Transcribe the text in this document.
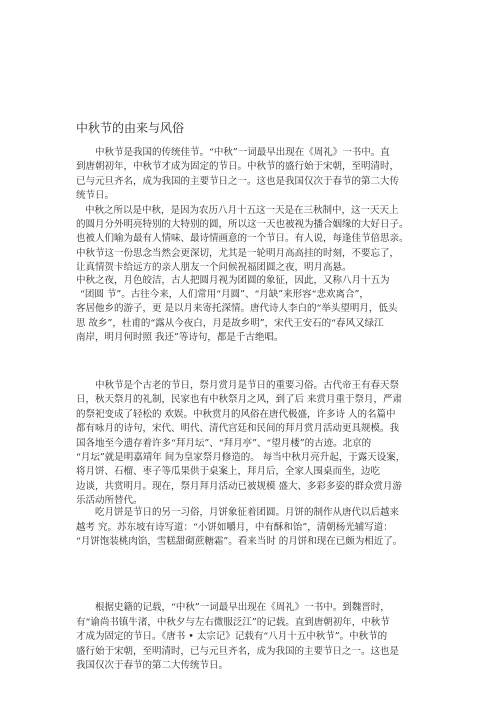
中秋节的由来与风俗
中秋节是我国的传统佳节。“中秋”一词最早出现在《周礼》一书中。直
到唐朝初年，中秋节才成为固定的节日。中秋节的盛行始于宋朝，至明清时，
已与元旦齐名，成为我国的主要节日之一。这也是我国仅次于春节的第二大传
统节日。
中秋之所以是中秋，是因为农历八月十五这一天是在三秋制中，这一天天上
的圆月分外明亮特别的大特别的圆，所以这一天也被视为播合姻缘的大好日子。
也被人们喻为最有人情味、最诗情画意的一个节日。有人说，每逢佳节倍思亲。
中秋节这一份思念当然会更深切，尤其是一轮明月高高挂的时刻，不要忘了，
让真情贺卡给远方的亲人朋友一个问候祝福团圆之夜，明月高悬。
中秋之夜，月色皎洁，古人把圆月视为团圆的象征，因此，又称八月十五为
“团圆 节”。古往今来，人们常用“月圆”、“月缺”来形容“悲欢离合”，
客居他乡的游子，更 是以月来寄托深情。唐代诗人李白的“举头望明月，低头
思 故乡”，杜甫的“露从今夜白，月是故乡明”，宋代王安石的“春风又绿江
南岸，明月何时照 我还”等诗句，都是千古绝唱。
中秋节是个古老的节日，祭月赏月是节日的重要习俗。古代帝王有春天祭
日，秋天祭月的礼制，民家也有中秋祭月之风，到了后 来赏月重于祭月，严肃
的祭祀变成了轻松的 欢娱。中秋赏月的风俗在唐代极盛，许多诗 人的名篇中
都有咏月的诗句，宋代、明代、清代宫廷和民间的拜月赏月活动更具规模。我
国各地至今遗存着许多“拜月坛”、“拜月亭”、“望月楼”的古迹。北京的
“月坛”就是明嘉靖年 间为皇家祭月修造的。 每当中秋月亮升起，于露天设案，
将月饼、石榴、枣子等瓜果供于桌案上，拜月后，全家人围桌而坐，边吃
边谈，共赏明月。现在，祭月拜月活动已被规模 盛大、多彩多姿的群众赏月游
乐活动所替代。
吃月饼是节日的另一习俗，月饼象征着团圆。月饼的制作从唐代以后越来
越考 究。苏东坡有诗写道：“小饼如嚼月，中有酥和饴”，清朝杨光辅写道：
“月饼饱装桃肉馅，雪糕甜砌蔗糖霜”。看来当时 的月饼和现在已颇为相近了。
根据史籍的记载，“中秋”一词最早出现在《周礼》一书中。到魏晋时，
有“谕尚书镇牛渚，中秋夕与左右微服泛江”的记载。直到唐朝初年，中秋节
才成为固定的节日。《唐书 • 太宗记》记载有“八月十五中秋节”。中秋节的
盛行始于宋朝，至明清时，已与元旦齐名，成为我国的主要节日之一。这也是
我国仅次于春节的第二大传统节日。
